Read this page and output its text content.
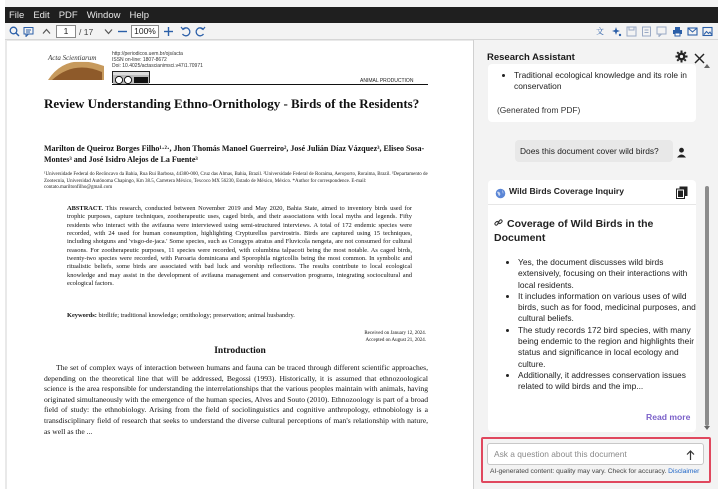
File Edit PDF Window Help
1	/ 17	100%	文
Acta Scientiarum	http://periodicos.uem.br/ojs/acta
ISSN on-line: 1807-8672
Doi: 10.4025/actascianimsci.v47i1.70971
ANIMAL PRODUCTION
Review Understanding Ethno-Ornithology - Birds of the Residents?
Marilton de Queiroz Borges Filho¹·²·, Jhon Thomás Manoel Guerreiro², José Julián Díaz Vázquez³, Eliseo Sosa-Montes³ and José Isidro Alejos de La Fuente³
¹Universidade Federal do Recôncavo da Bahia, Rua Rui Barbosa, 44380-000, Cruz das Almas, Bahia, Brazil. ²Universidade Federal de Roraima, Aeroporto, Roraima, Brazil. ³Departamento de Zootecnia, Universidad Autónoma Chapingo, Km 38.5, Carretera México, Texcoco MX 56230, Estado de México, México. *Author for correspondence. E-mail: contato.mariltonfilho@gmail.com
ABSTRACT. This research, conducted between November 2019 and May 2020, Bahia State, aimed to inventory birds used for trophic purposes, capture techniques, zootherapeutic uses, caged birds, and their associations with local myths and legends. Fifty residents who interact with the avifauna were interviewed using semi-structured interviews. A total of 172 endemic species were recorded, with 24 used for human consumption, highlighting Crypturellus parvirostris. Birds are captured using 15 techniques, including shotguns and 'visgo-de-jaca.' Some species, such as Coragyps atratus and Fluvicola nengeta, are not consumed for cultural reasons. For zootherapeutic purposes, 11 species were recorded, with columbina talpacoti being the most notable. As caged birds, twenty-two species were recorded, with Paroaria dominicana and Sporophila nigricollis being the most common. In symbolic and ritualistic beliefs, some birds are associated with bad luck and worship reflections. The results contribute to local ecological knowledge and may assist in the development of avifauna management and conservation programs, integrating sociocultural and ecological factors.
Keywords: birdlife; traditional knowledge; ornithology; preservation; animal husbandry.
Received on January 12, 2024.
Accepted on August 21, 2024.
Introduction
The set of complex ways of interaction between humans and fauna can be traced through different scientific approaches, depending on the theoretical line that will be addressed, Begossi (1993). Historically, it is assumed that ethnozoological science is the area responsible for understanding the interrelationships that the various peoples maintain with animals, having originated simultaneously with the emergence of the human species, Alves and Souto (2010). Ethnozoology is part of a broad field of study: the ethnobiology. Arising from the field of sociolinguistics and cognitive anthropology, ethnobiology is a transdisciplinary field of research that seeks to understand the diverse cultural perceptions of man's relationship with nature, as well as the ...
Research Assistant
• Traditional ecological knowledge and its role in conservation
(Generated from PDF)
Does this document cover wild birds?
Wild Birds Coverage Inquiry
Coverage of Wild Birds in the Document
• Yes, the document discusses wild birds extensively, focusing on their interactions with local residents.
• It includes information on various uses of wild birds, such as for food, medicinal purposes, and cultural beliefs.
• The study records 172 bird species, with many being endemic to the region and highlights their status and significance in local ecology and culture.
• Additionally, it addresses conservation issues related to wild birds and the imp...
Read more
Ask a question about this document
AI-generated content: quality may vary. Check for accuracy. Disclaimer
